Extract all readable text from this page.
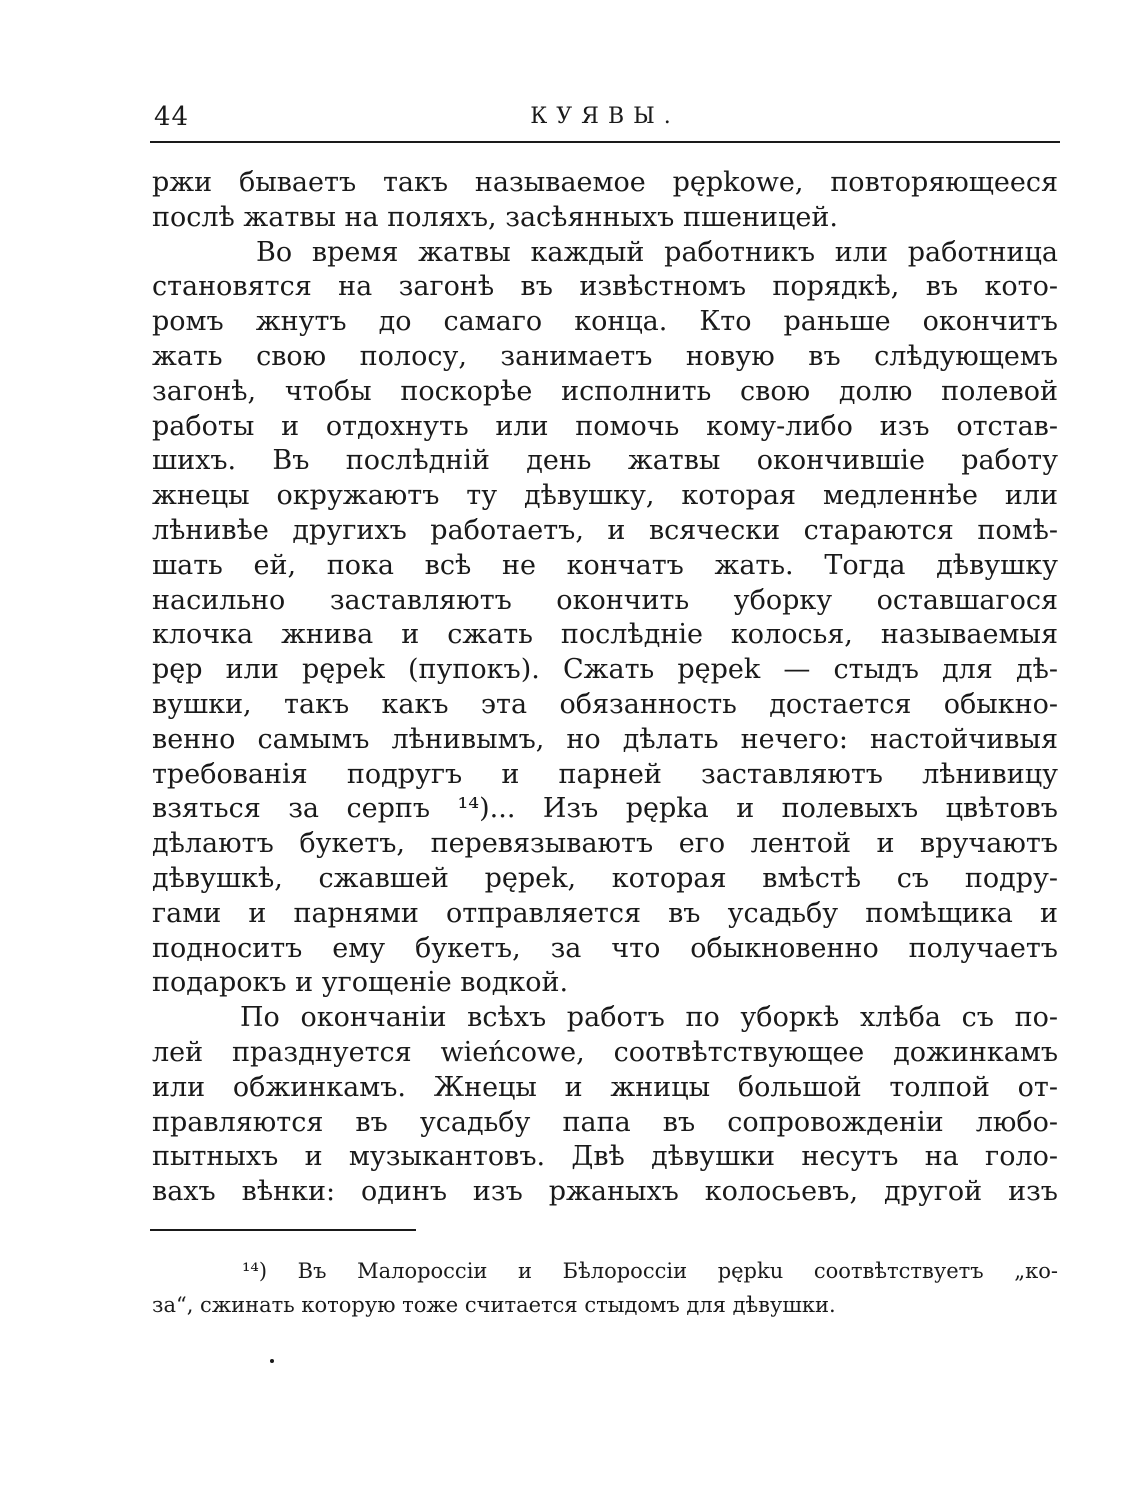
44	КУЯВЫ.
ржи бываетъ такъ называемое pępkowe, повторяющееся
послѣ жатвы на поляхъ, засѣянныхъ пшеницей.
Во время жатвы каждый работникъ или работница
становятся на загонѣ въ извѣстномъ порядкѣ, въ кото-
ромъ жнутъ до самаго конца. Кто раньше окончитъ
жать свою полосу, занимаетъ новую въ слѣдующемъ
загонѣ, чтобы поскорѣе исполнить свою долю полевой
работы и отдохнуть или помочь кому-либо изъ отстав-
шихъ. Въ послѣдній день жатвы окончившіе работу
жнецы окружаютъ ту дѣвушку, которая медленнѣе или
лѣнивѣе другихъ работаетъ, и всячески стараются помѣ-
шать ей, пока всѣ не кончатъ жать. Тогда дѣвушку
насильно заставляютъ окончить уборку оставшагося
клочка жнива и сжать послѣдніе колосья, называемыя
pęp или pępek (пупокъ). Сжать pępek — стыдъ для дѣ-
вушки, такъ какъ эта обязанность достается обыкно-
венно самымъ лѣнивымъ, но дѣлать нечего: настойчивыя
требованія подругъ и парней заставляютъ лѣнивицу
взяться за серпъ ¹⁴)... Изъ pępka и полевыхъ цвѣтовъ
дѣлаютъ букетъ, перевязываютъ его лентой и вручаютъ
дѣвушкѣ, сжавшей pępek, которая вмѣстѣ съ подру-
гами и парнями отправляется въ усадьбу помѣщика и
подноситъ ему букетъ, за что обыкновенно получаетъ
подарокъ и угощеніе водкой.
По окончаніи всѣхъ работъ по уборкѣ хлѣба съ по-
лей празднуется wieńcowe, соотвѣтствующее дожинкамъ
или обжинкамъ. Жнецы и жницы большой толпой от-
правляются въ усадьбу папа въ сопровожденіи любо-
пытныхъ и музыкантовъ. Двѣ дѣвушки несутъ на голо-
вахъ вѣнки: одинъ изъ ржаныхъ колосьевъ, другой изъ
¹⁴) Въ Малороссіи и Бѣлороссіи pępku соотвѣтствуетъ „ко-
за“, сжинать которую тоже считается стыдомъ для дѣвушки.
